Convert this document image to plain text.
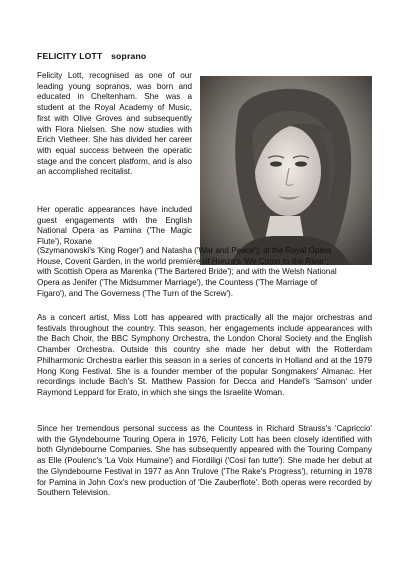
FELICITY LOTT soprano

Felicity Lott, recognised as one of our leading young sopranos, was born and educated in Cheltenham. She was a student at the Royal Academy of Music, first with Olive Groves and subsequently with Flora Nielsen. She now studies with Erich Vietheer. She has divided her career with equal success between the operatic stage and the concert platform, and is also an accomplished recitalist.

Her operatic appearances have included guest engagements with the English National Opera as Pamina ('The Magic Flute'), Roxane

(Szymanowski's 'King Roger') and Natasha ('War and Peace'); at the Royal Opera
House, Covent Garden, in the world première of Henze's 'We Come to the River';
with Scottish Opera as Marenka ('The Bartered Bride'); and with the Welsh National
Opera as Jenifer ('The Midsummer Marriage'), the Countess ('The Marriage of
Figaro'), and The Governess ('The Turn of the Screw').

As a concert artist, Miss Lott has appeared with practically all the major orchestras and festivals throughout the country. This season, her engagements include appearances with the Bach Choir, the BBC Symphony Orchestra, the London Choral Society and the English Chamber Orchestra. Outside this country she made her debut with the Rotterdam Philharmonic Orchestra earlier this season in a series of concerts in Holland and at the 1979 Hong Kong Festival. She is a founder member of the popular Songmakers' Almanac. Her recordings include Bach's St. Matthew Passion for Decca and Handel's 'Samson' under Raymond Leppard for Erato, in which she sings the Israelite Woman.

Since her tremendous personal success as the Countess in Richard Strauss's 'Capriccio' with the Glyndebourne Touring Opera in 1976, Felicity Lott has been closely identified with both Glyndebourne Companies. She has subsequently appeared with the Touring Company as Elle (Poulenc's 'La Voix Humaine') and Fiordiligi ('Così fan tutte'). She made her debut at the Glyndebourne Festival in 1977 as Ann Trulove ('The Rake's Progress'), returning in 1978 for Pamina in John Cox's new production of 'Die Zauberflote'. Both operas were recorded by Southern Television.
